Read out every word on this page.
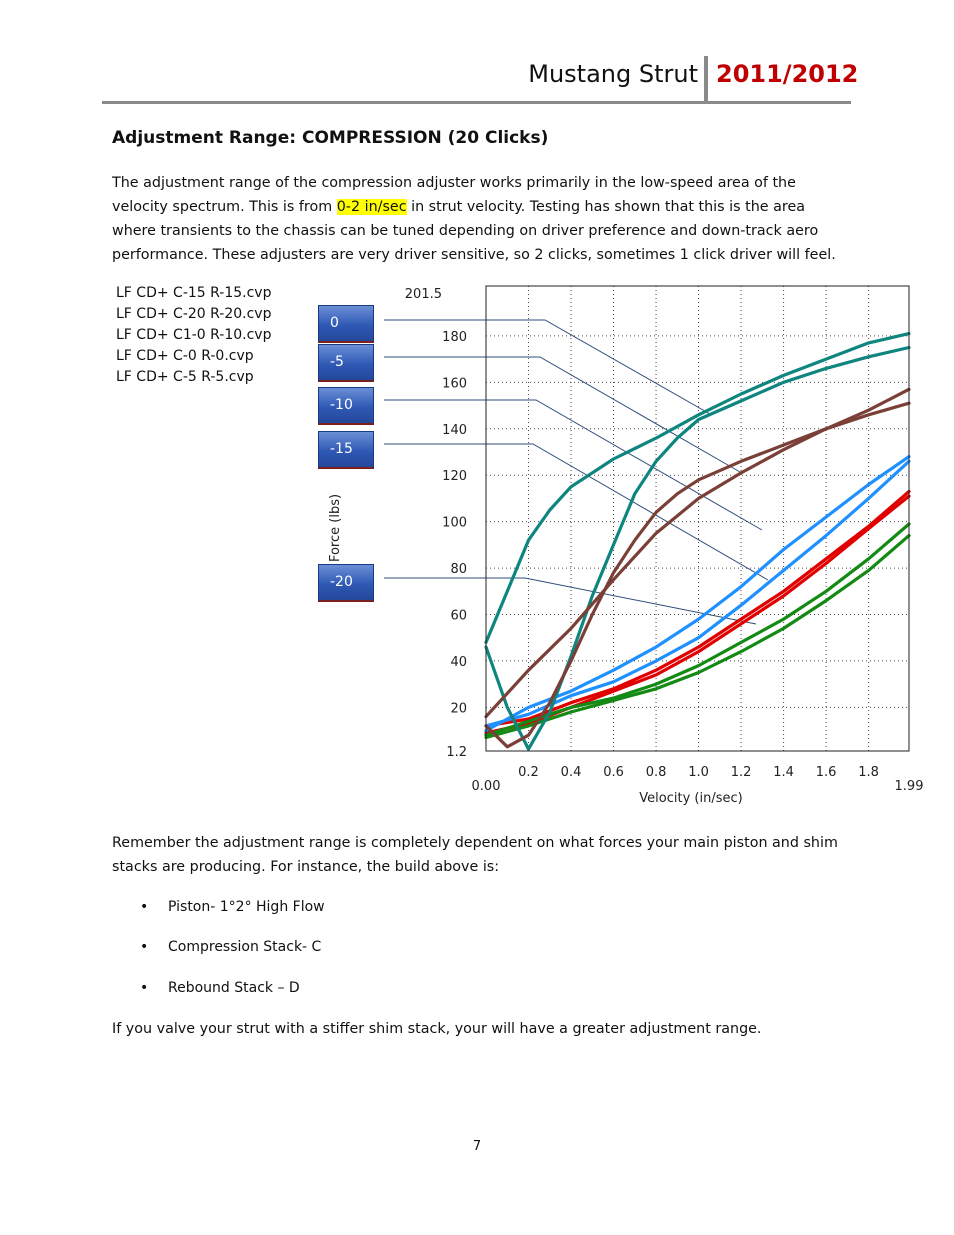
Mustang Strut 2011/2012
Adjustment Range: COMPRESSION (20 Clicks)
The adjustment range of the compression adjuster works primarily in the low-speed area of the velocity spectrum. This is from 0-2 in/sec in strut velocity. Testing has shown that this is the area where transients to the chassis can be tuned depending on driver preference and down-track aero performance. These adjusters are very driver sensitive, so 2 clicks, sometimes 1 click driver will feel.
LF CD+ C-15 R-15.cvp
LF CD+ C-20 R-20.cvp
LF CD+ C1-0 R-10.cvp
LF CD+ C-0 R-0.cvp
LF CD+ C-5 R-5.cvp
0
-5
-10
-15
-20
0.00
0.2 0.4 0.6 0.8 1.0 1.2 1.4 1.6 1.8
1.99
1.2
20
40
60
80
100
120
140
160
180
201.5
Force (lbs)
Velocity (in/sec)
Remember the adjustment range is completely dependent on what forces your main piston and shim stacks are producing. For instance, the build above is:
• Piston- 1°2° High Flow
• Compression Stack- C
• Rebound Stack – D
If you valve your strut with a stiffer shim stack, your will have a greater adjustment range.
7
